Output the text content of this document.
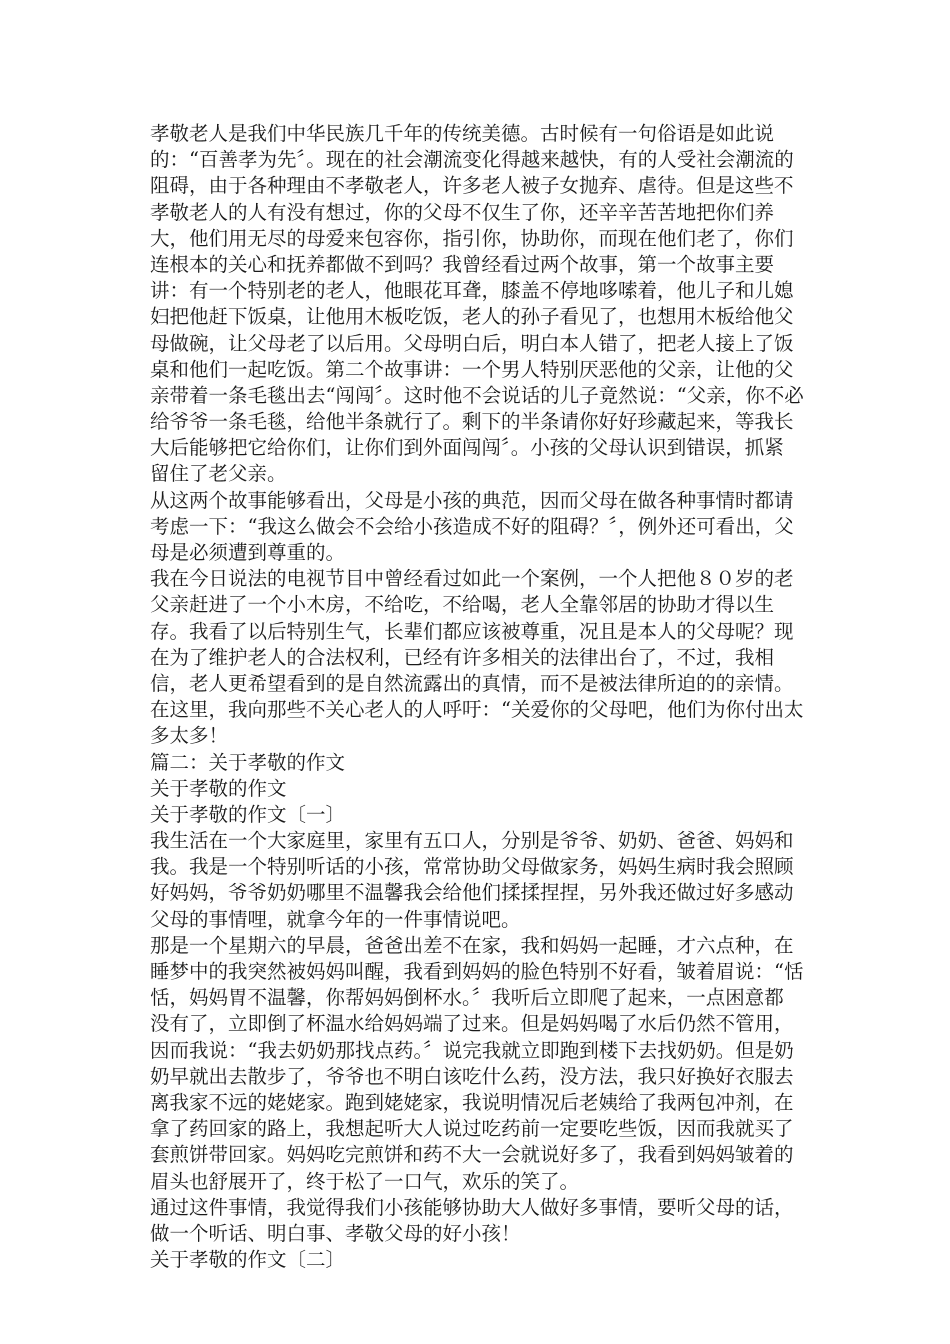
孝敬老人是我们中华民族几千年的传统美德。古时候有一句俗语是如此说
的：“百善孝为先〞。现在的社会潮流变化得越来越快，有的人受社会潮流的
阻碍，由于各种理由不孝敬老人，许多老人被子女抛弃、虐待。但是这些不
孝敬老人的人有没有想过，你的父母不仅生了你，还辛辛苦苦地把你们养
大，他们用无尽的母爱来包容你，指引你，协助你，而现在他们老了，你们
连根本的关心和抚养都做不到吗？我曾经看过两个故事，第一个故事主要
讲：有一个特别老的老人，他眼花耳聋，膝盖不停地哆嗦着，他儿子和儿媳
妇把他赶下饭桌，让他用木板吃饭，老人的孙子看见了，也想用木板给他父
母做碗，让父母老了以后用。父母明白后，明白本人错了，把老人接上了饭
桌和他们一起吃饭。第二个故事讲：一个男人特别厌恶他的父亲，让他的父
亲带着一条毛毯出去“闯闯〞。这时他不会说话的儿子竟然说：“父亲，你不必
给爷爷一条毛毯，给他半条就行了。剩下的半条请你好好珍藏起来，等我长
大后能够把它给你们，让你们到外面闯闯〞。小孩的父母认识到错误，抓紧
留住了老父亲。
从这两个故事能够看出，父母是小孩的典范，因而父母在做各种事情时都请
考虑一下：“我这么做会不会给小孩造成不好的阻碍？〞，例外还可看出，父
母是必须遭到尊重的。
我在今日说法的电视节目中曾经看过如此一个案例，一个人把他８０岁的老
父亲赶进了一个小木房，不给吃，不给喝，老人全靠邻居的协助才得以生
存。我看了以后特别生气，长辈们都应该被尊重，况且是本人的父母呢？现
在为了维护老人的合法权利，已经有许多相关的法律出台了，不过，我相
信，老人更希望看到的是自然流露出的真情，而不是被法律所迫的的亲情。
在这里，我向那些不关心老人的人呼吁：“关爱你的父母吧，他们为你付出太
多太多！
篇二：关于孝敬的作文
关于孝敬的作文
关于孝敬的作文〔一〕
我生活在一个大家庭里，家里有五口人，分别是爷爷、奶奶、爸爸、妈妈和
我。我是一个特别听话的小孩，常常协助父母做家务，妈妈生病时我会照顾
好妈妈，爷爷奶奶哪里不温馨我会给他们揉揉捏捏，另外我还做过好多感动
父母的事情哩，就拿今年的一件事情说吧。
那是一个星期六的早晨，爸爸出差不在家，我和妈妈一起睡，才六点种，在
睡梦中的我突然被妈妈叫醒，我看到妈妈的脸色特别不好看，皱着眉说：“恬
恬，妈妈胃不温馨，你帮妈妈倒杯水。〞我听后立即爬了起来，一点困意都
没有了，立即倒了杯温水给妈妈端了过来。但是妈妈喝了水后仍然不管用，
因而我说：“我去奶奶那找点药。〞说完我就立即跑到楼下去找奶奶。但是奶
奶早就出去散步了，爷爷也不明白该吃什么药，没方法，我只好换好衣服去
离我家不远的姥姥家。跑到姥姥家，我说明情况后老姨给了我两包冲剂，在
拿了药回家的路上，我想起听大人说过吃药前一定要吃些饭，因而我就买了
套煎饼带回家。妈妈吃完煎饼和药不大一会就说好多了，我看到妈妈皱着的
眉头也舒展开了，终于松了一口气，欢乐的笑了。
通过这件事情，我觉得我们小孩能够协助大人做好多事情，要听父母的话，
做一个听话、明白事、孝敬父母的好小孩！
关于孝敬的作文〔二〕
